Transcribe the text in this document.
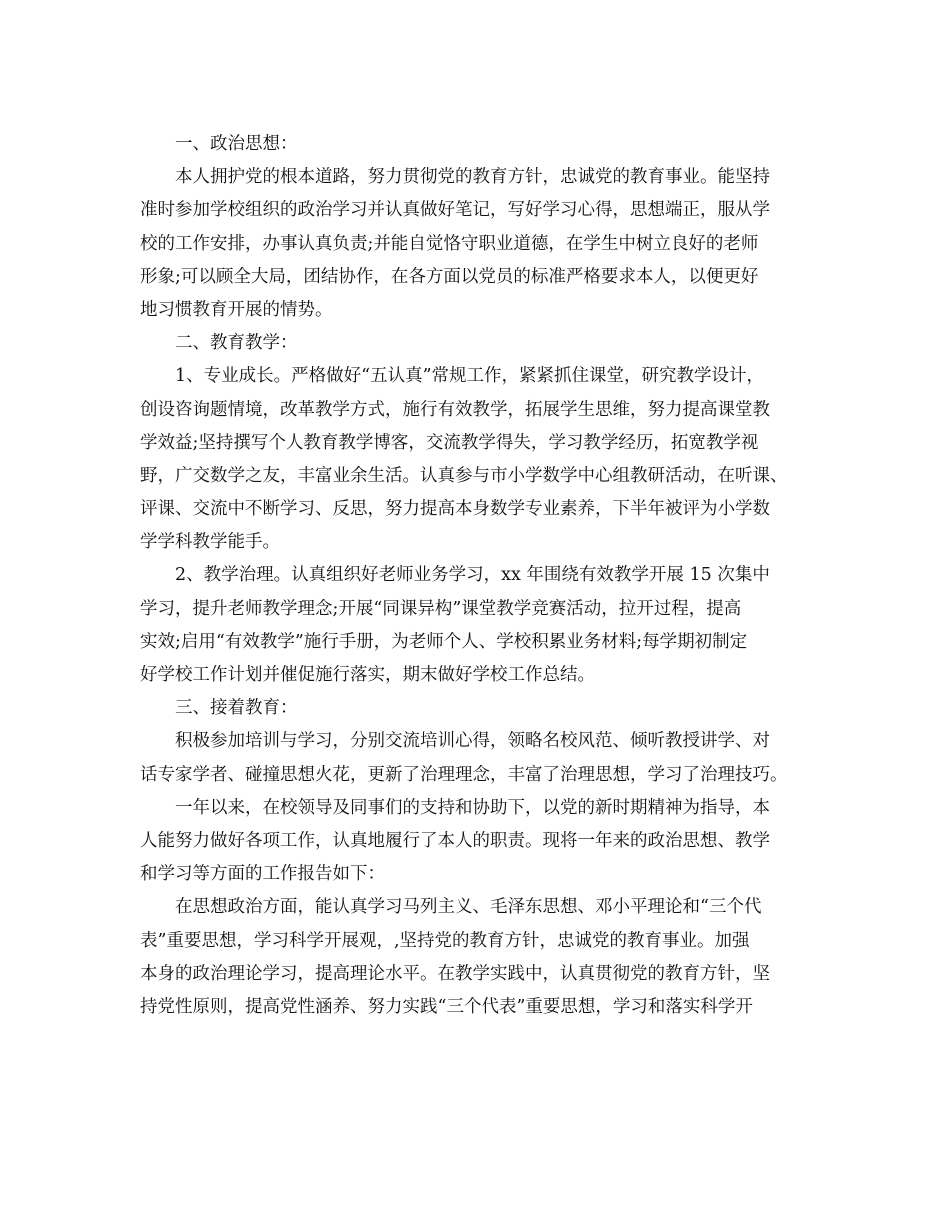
一、政治思想：
本人拥护党的根本道路，努力贯彻党的教育方针，忠诚党的教育事业。能坚持
准时参加学校组织的政治学习并认真做好笔记，写好学习心得，思想端正，服从学
校的工作安排，办事认真负责;并能自觉恪守职业道德，在学生中树立良好的老师
形象;可以顾全大局，团结协作，在各方面以党员的标准严格要求本人，以便更好
地习惯教育开展的情势。
二、教育教学：
1、专业成长。严格做好“五认真”常规工作，紧紧抓住课堂，研究教学设计，
创设咨询题情境，改革教学方式，施行有效教学，拓展学生思维，努力提高课堂教
学效益;坚持撰写个人教育教学博客，交流教学得失，学习教学经历，拓宽教学视
野，广交数学之友，丰富业余生活。认真参与市小学数学中心组教研活动，在听课、
评课、交流中不断学习、反思，努力提高本身数学专业素养，下半年被评为小学数
学学科教学能手。
2、教学治理。认真组织好老师业务学习，xx 年围绕有效教学开展 15 次集中
学习，提升老师教学理念;开展“同课异构”课堂教学竞赛活动，拉开过程，提高
实效;启用“有效教学”施行手册，为老师个人、学校积累业务材料;每学期初制定
好学校工作计划并催促施行落实，期末做好学校工作总结。
三、接着教育：
积极参加培训与学习，分别交流培训心得，领略名校风范、倾听教授讲学、对
话专家学者、碰撞思想火花，更新了治理理念，丰富了治理思想，学习了治理技巧。
一年以来，在校领导及同事们的支持和协助下，以党的新时期精神为指导，本
人能努力做好各项工作，认真地履行了本人的职责。现将一年来的政治思想、教学
和学习等方面的工作报告如下：
在思想政治方面，能认真学习马列主义、毛泽东思想、邓小平理论和“三个代
表”重要思想，学习科学开展观，,坚持党的教育方针，忠诚党的教育事业。加强
本身的政治理论学习，提高理论水平。在教学实践中，认真贯彻党的教育方针，坚
持党性原则，提高党性涵养、努力实践“三个代表”重要思想，学习和落实科学开
